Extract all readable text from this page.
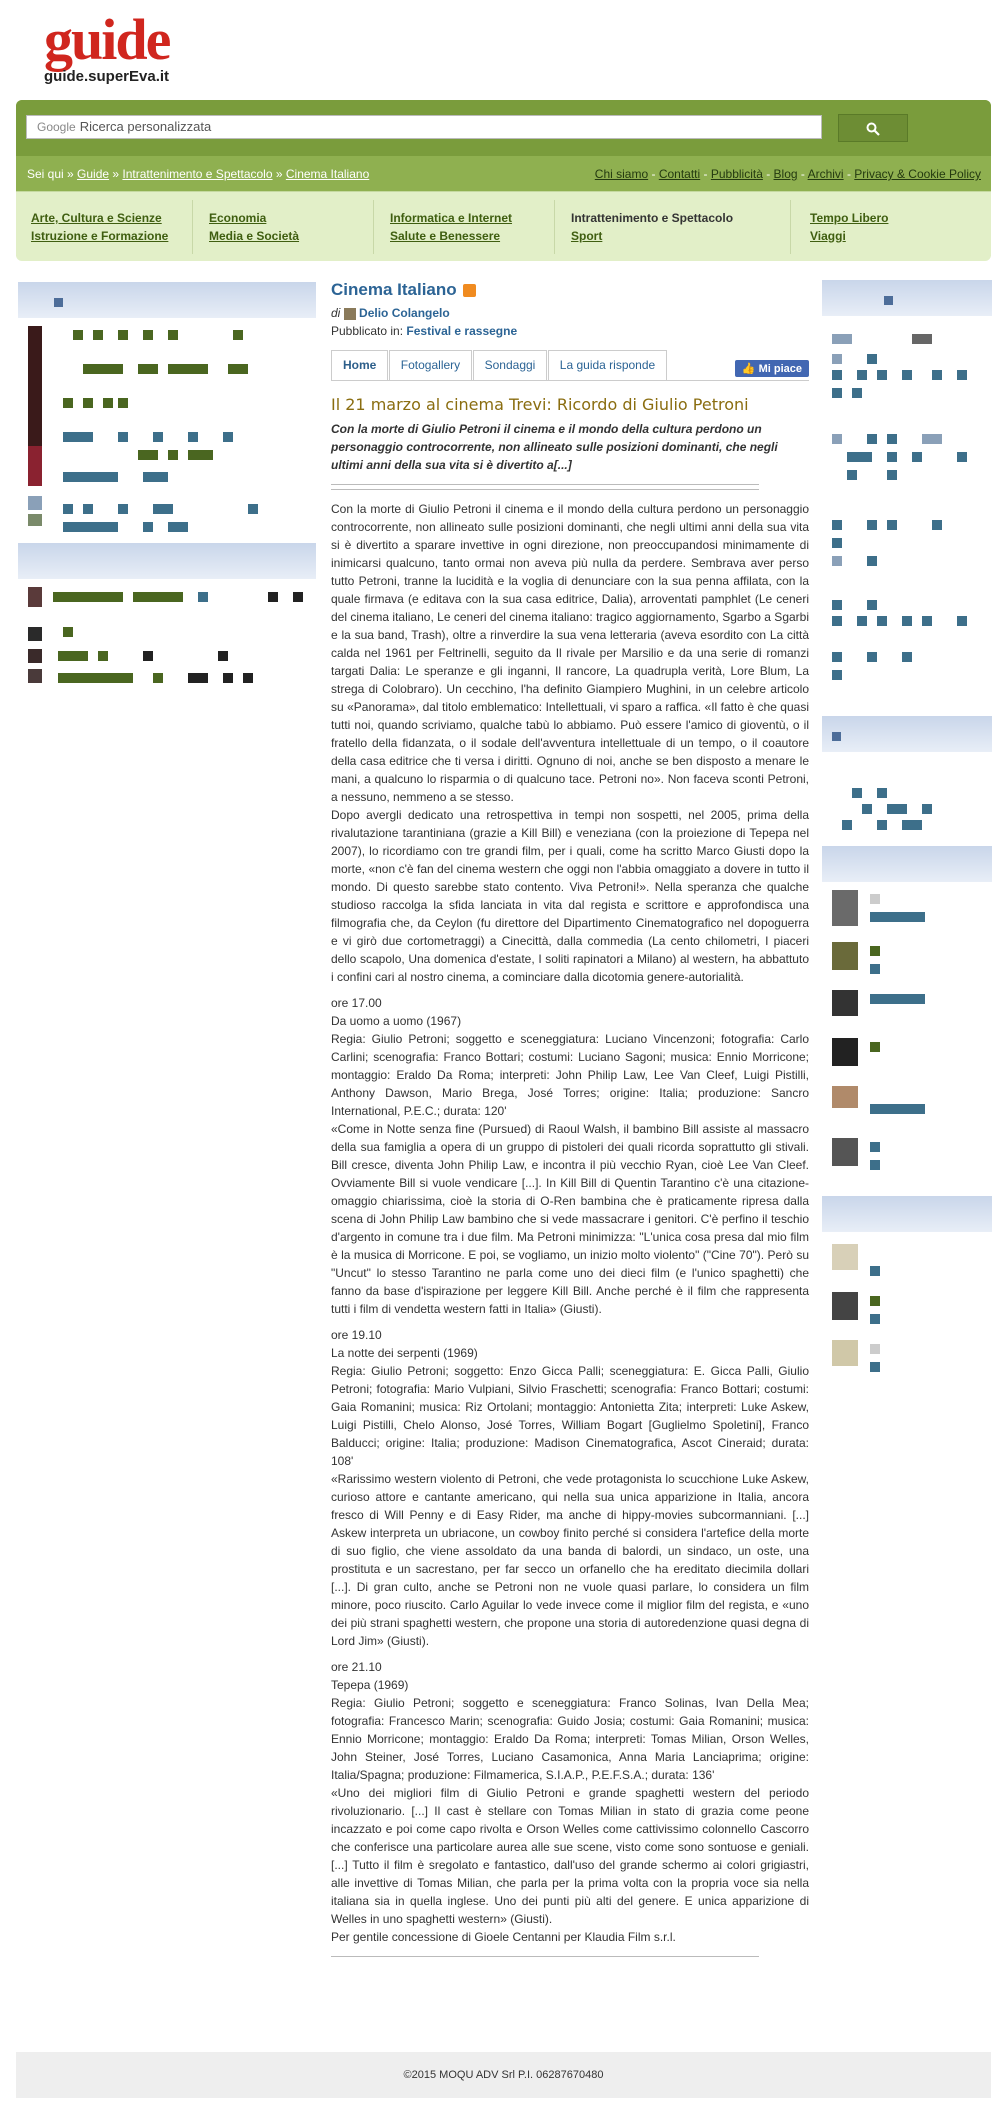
guide
guide.superEva.it
Google Ricerca personalizzata
Sei qui » Guide » Intrattenimento e Spettacolo » Cinema Italiano	Chi siamo - Contatti - Pubblicità - Blog - Archivi - Privacy & Cookie Policy
Arte, Cultura e Scienze
Istruzione e Formazione
Economia
Media e Società
Informatica e Internet
Salute e Benessere
Intrattenimento e Spettacolo
Sport
Tempo Libero
Viaggi
Cinema Italiano
di Delio Colangelo
Pubblicato in: Festival e rassegne
Home Fotogallery Sondaggi La guida risponde	👍 Mi piace
Il 21 marzo al cinema Trevi: Ricordo di Giulio Petroni
Con la morte di Giulio Petroni il cinema e il mondo della cultura perdono un personaggio controcorrente, non allineato sulle posizioni dominanti, che negli ultimi anni della sua vita si è divertito a[...]

Con la morte di Giulio Petroni il cinema e il mondo della cultura perdono un personaggio controcorrente, non allineato sulle posizioni dominanti, che negli ultimi anni della sua vita si è divertito a sparare invettive in ogni direzione, non preoccupandosi minimamente di inimicarsi qualcuno, tanto ormai non aveva più nulla da perdere. Sembrava aver perso tutto Petroni, tranne la lucidità e la voglia di denunciare con la sua penna affilata, con la quale firmava (e editava con la sua casa editrice, Dalia), arroventati pamphlet (Le ceneri del cinema italiano, Le ceneri del cinema italiano: tragico aggiornamento, Sgarbo a Sgarbi e la sua band, Trash), oltre a rinverdire la sua vena letteraria (aveva esordito con La città calda nel 1961 per Feltrinelli, seguito da Il rivale per Marsilio e da una serie di romanzi targati Dalia: Le speranze e gli inganni, Il rancore, La quadrupla verità, Lore Blum, La strega di Colobraro). Un cecchino, l'ha definito Giampiero Mughini, in un celebre articolo su «Panorama», dal titolo emblematico: Intellettuali, vi sparo a raffica. «Il fatto è che quasi tutti noi, quando scriviamo, qualche tabù lo abbiamo. Può essere l'amico di gioventù, o il fratello della fidanzata, o il sodale dell'avventura intellettuale di un tempo, o il coautore della casa editrice che ti versa i diritti. Ognuno di noi, anche se ben disposto a menare le mani, a qualcuno lo risparmia o di qualcuno tace. Petroni no». Non faceva sconti Petroni, a nessuno, nemmeno a se stesso.

Dopo avergli dedicato una retrospettiva in tempi non sospetti, nel 2005, prima della rivalutazione tarantiniana (grazie a Kill Bill) e veneziana (con la proiezione di Tepepa nel 2007), lo ricordiamo con tre grandi film, per i quali, come ha scritto Marco Giusti dopo la morte, «non c'è fan del cinema western che oggi non l'abbia omaggiato a dovere in tutto il mondo. Di questo sarebbe stato contento. Viva Petroni!». Nella speranza che qualche studioso raccolga la sfida lanciata in vita dal regista e scrittore e approfondisca una filmografia che, da Ceylon (fu direttore del Dipartimento Cinematografico nel dopoguerra e vi girò due cortometraggi) a Cinecittà, dalla commedia (La cento chilometri, I piaceri dello scapolo, Una domenica d'estate, I soliti rapinatori a Milano) al western, ha abbattuto i confini cari al nostro cinema, a cominciare dalla dicotomia genere-autorialità.

ore 17.00
Da uomo a uomo (1967)
Regia: Giulio Petroni; soggetto e sceneggiatura: Luciano Vincenzoni; fotografia: Carlo Carlini; scenografia: Franco Bottari; costumi: Luciano Sagoni; musica: Ennio Morricone; montaggio: Eraldo Da Roma; interpreti: John Philip Law, Lee Van Cleef, Luigi Pistilli, Anthony Dawson, Mario Brega, José Torres; origine: Italia; produzione: Sancro International, P.E.C.; durata: 120'

«Come in Notte senza fine (Pursued) di Raoul Walsh, il bambino Bill assiste al massacro della sua famiglia a opera di un gruppo di pistoleri dei quali ricorda soprattutto gli stivali. Bill cresce, diventa John Philip Law, e incontra il più vecchio Ryan, cioè Lee Van Cleef. Ovviamente Bill si vuole vendicare [...]. In Kill Bill di Quentin Tarantino c'è una citazione-omaggio chiarissima, cioè la storia di O-Ren bambina che è praticamente ripresa dalla scena di John Philip Law bambino che si vede massacrare i genitori. C'è perfino il teschio d'argento in comune tra i due film. Ma Petroni minimizza: "L'unica cosa presa dal mio film è la musica di Morricone. E poi, se vogliamo, un inizio molto violento" ("Cine 70"). Però su "Uncut" lo stesso Tarantino ne parla come uno dei dieci film (e l'unico spaghetti) che fanno da base d'ispirazione per leggere Kill Bill. Anche perché è il film che rappresenta tutti i film di vendetta western fatti in Italia» (Giusti).

ore 19.10
La notte dei serpenti (1969)
Regia: Giulio Petroni; soggetto: Enzo Gicca Palli; sceneggiatura: E. Gicca Palli, Giulio Petroni; fotografia: Mario Vulpiani, Silvio Fraschetti; scenografia: Franco Bottari; costumi: Gaia Romanini; musica: Riz Ortolani; montaggio: Antonietta Zita; interpreti: Luke Askew, Luigi Pistilli, Chelo Alonso, José Torres, William Bogart [Guglielmo Spoletini], Franco Balducci; origine: Italia; produzione: Madison Cinematografica, Ascot Cineraid; durata: 108'

«Rarissimo western violento di Petroni, che vede protagonista lo scucchione Luke Askew, curioso attore e cantante americano, qui nella sua unica apparizione in Italia, ancora fresco di Will Penny e di Easy Rider, ma anche di hippy-movies subcormanniani. [...] Askew interpreta un ubriacone, un cowboy finito perché si considera l'artefice della morte di suo figlio, che viene assoldato da una banda di balordi, un sindaco, un oste, una prostituta e un sacrestano, per far secco un orfanello che ha ereditato diecimila dollari [...]. Di gran culto, anche se Petroni non ne vuole quasi parlare, lo considera un film minore, poco riuscito. Carlo Aguilar lo vede invece come il miglior film del regista, e «uno dei più strani spaghetti western, che propone una storia di autoredenzione quasi degna di Lord Jim» (Giusti).

ore 21.10
Tepepa (1969)
Regia: Giulio Petroni; soggetto e sceneggiatura: Franco Solinas, Ivan Della Mea; fotografia: Francesco Marin; scenografia: Guido Josia; costumi: Gaia Romanini; musica: Ennio Morricone; montaggio: Eraldo Da Roma; interpreti: Tomas Milian, Orson Welles, John Steiner, José Torres, Luciano Casamonica, Anna Maria Lanciaprima; origine: Italia/Spagna; produzione: Filmamerica, S.I.A.P., P.E.F.S.A.; durata: 136'
«Uno dei migliori film di Giulio Petroni e grande spaghetti western del periodo rivoluzionario. [...] Il cast è stellare con Tomas Milian in stato di grazia come peone incazzato e poi come capo rivolta e Orson Welles come cattivissimo colonnello Cascorro che conferisce una particolare aurea alle sue scene, visto come sono sontuose e geniali. [...] Tutto il film è sregolato e fantastico, dall'uso del grande schermo ai colori grigiastri, alle invettive di Tomas Milian, che parla per la prima volta con la propria voce sia nella italiana sia in quella inglese. Uno dei punti più alti del genere. E unica apparizione di Welles in uno spaghetti western» (Giusti).
Per gentile concessione di Gioele Centanni per Klaudia Film s.r.l.
©2015 MOQU ADV Srl P.I. 06287670480
